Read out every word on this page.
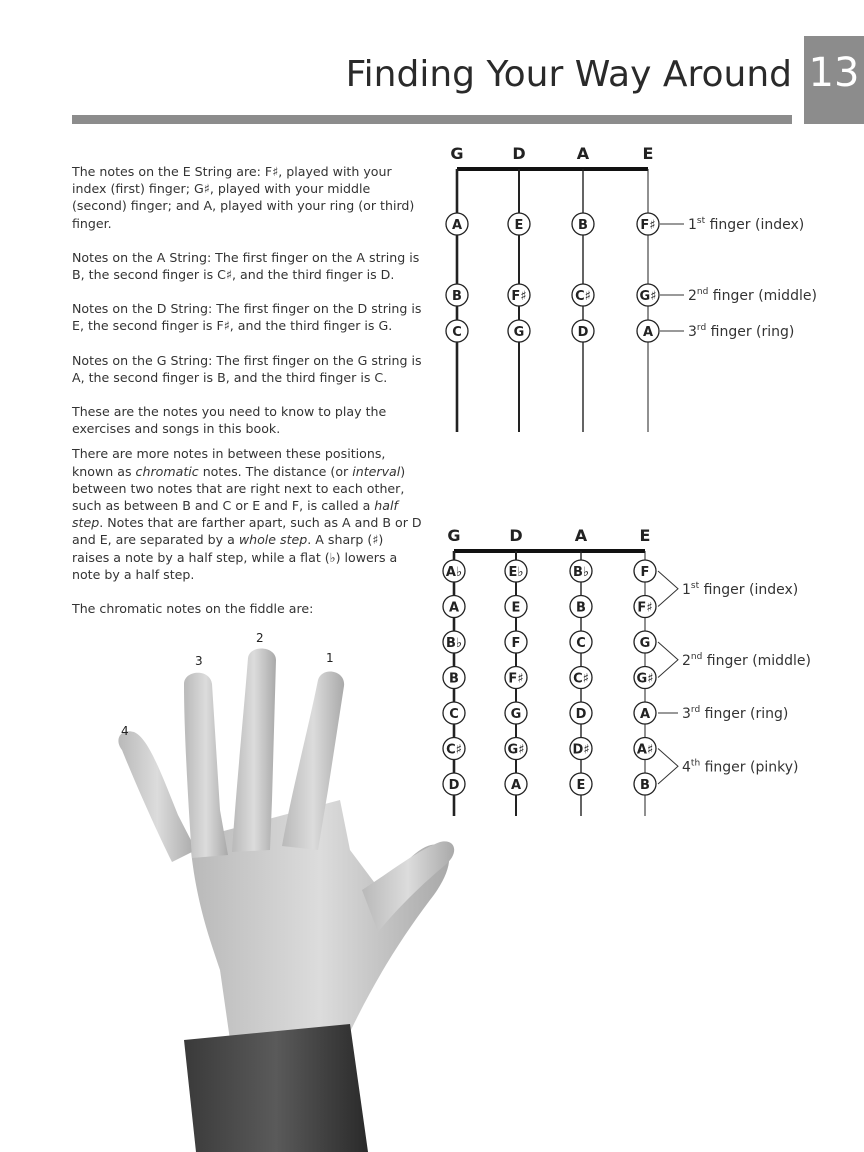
Finding Your Way Around 13

The notes on the E String are: F♯, played with your index (first) finger; G♯, played with your middle (second) finger; and A, played with your ring (or third) finger.

Notes on the A String: The first finger on the A string is B, the second finger is C♯, and the third finger is D.

Notes on the D String: The first finger on the D string is E, the second finger is F♯, and the third finger is G.

Notes on the G String: The first finger on the G string is A, the second finger is B, and the third finger is C.

These are the notes you need to know to play the exercises and songs in this book.

There are more notes in between these positions, known as chromatic notes. The distance (or interval) between two notes that are right next to each other, such as between B and C or E and F, is called a half step. Notes that are farther apart, such as A and B or D and E, are separated by a whole step. A sharp (♯) raises a note by a half step, while a flat (♭) lowers a note by a half step.

The chromatic notes on the fiddle are:

G	D	A	E
A	E	B	F♯ 1st finger (index)
B	F♯	C♯	G♯ 2nd finger (middle)
C	G	D	A 3rd finger (ring)
G	D	A	E
A♭	E♭	B♭	F
A	E	B	F♯
B♭	F	C	G
B	F♯	C♯	G♯
C	G	D	A
C♯	G♯	D♯	A♯
D	A	E	B
1st finger (index)
2nd finger (middle)
3rd finger (ring)
4th finger (pinky)
1
2
3
4
